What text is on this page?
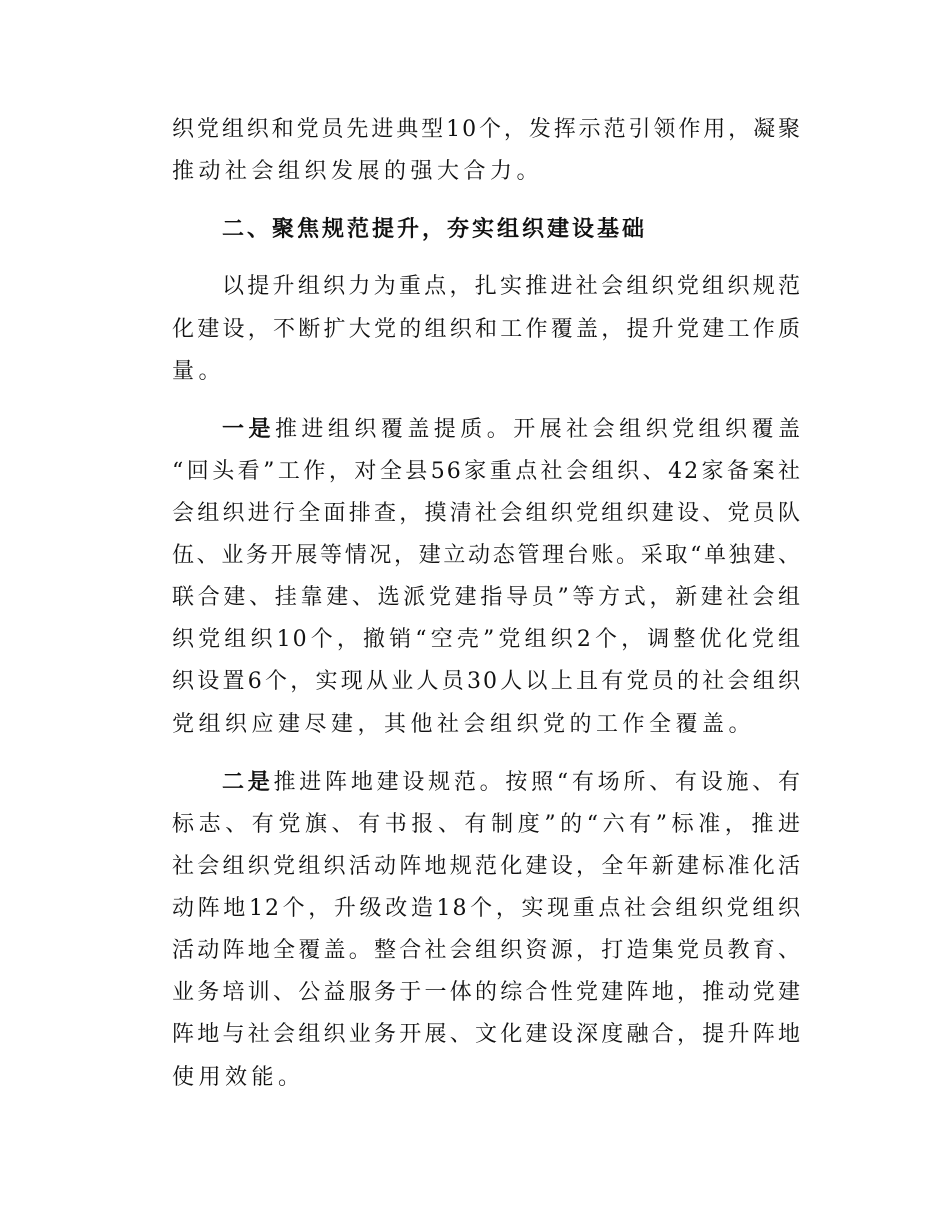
织党组织和党员先进典型10个，发挥示范引领作用，凝聚
推动社会组织发展的强大合力。
二、聚焦规范提升，夯实组织建设基础
以提升组织力为重点，扎实推进社会组织党组织规范
化建设，不断扩大党的组织和工作覆盖，提升党建工作质
量。
一是推进组织覆盖提质。开展社会组织党组织覆盖
“回头看”工作，对全县56家重点社会组织、42家备案社
会组织进行全面排查，摸清社会组织党组织建设、党员队
伍、业务开展等情况，建立动态管理台账。采取“单独建、
联合建、挂靠建、选派党建指导员”等方式，新建社会组
织党组织10个，撤销“空壳”党组织2个，调整优化党组
织设置6个，实现从业人员30人以上且有党员的社会组织
党组织应建尽建，其他社会组织党的工作全覆盖。
二是推进阵地建设规范。按照“有场所、有设施、有
标志、有党旗、有书报、有制度”的“六有”标准，推进
社会组织党组织活动阵地规范化建设，全年新建标准化活
动阵地12个，升级改造18个，实现重点社会组织党组织
活动阵地全覆盖。整合社会组织资源，打造集党员教育、
业务培训、公益服务于一体的综合性党建阵地，推动党建
阵地与社会组织业务开展、文化建设深度融合，提升阵地
使用效能。
